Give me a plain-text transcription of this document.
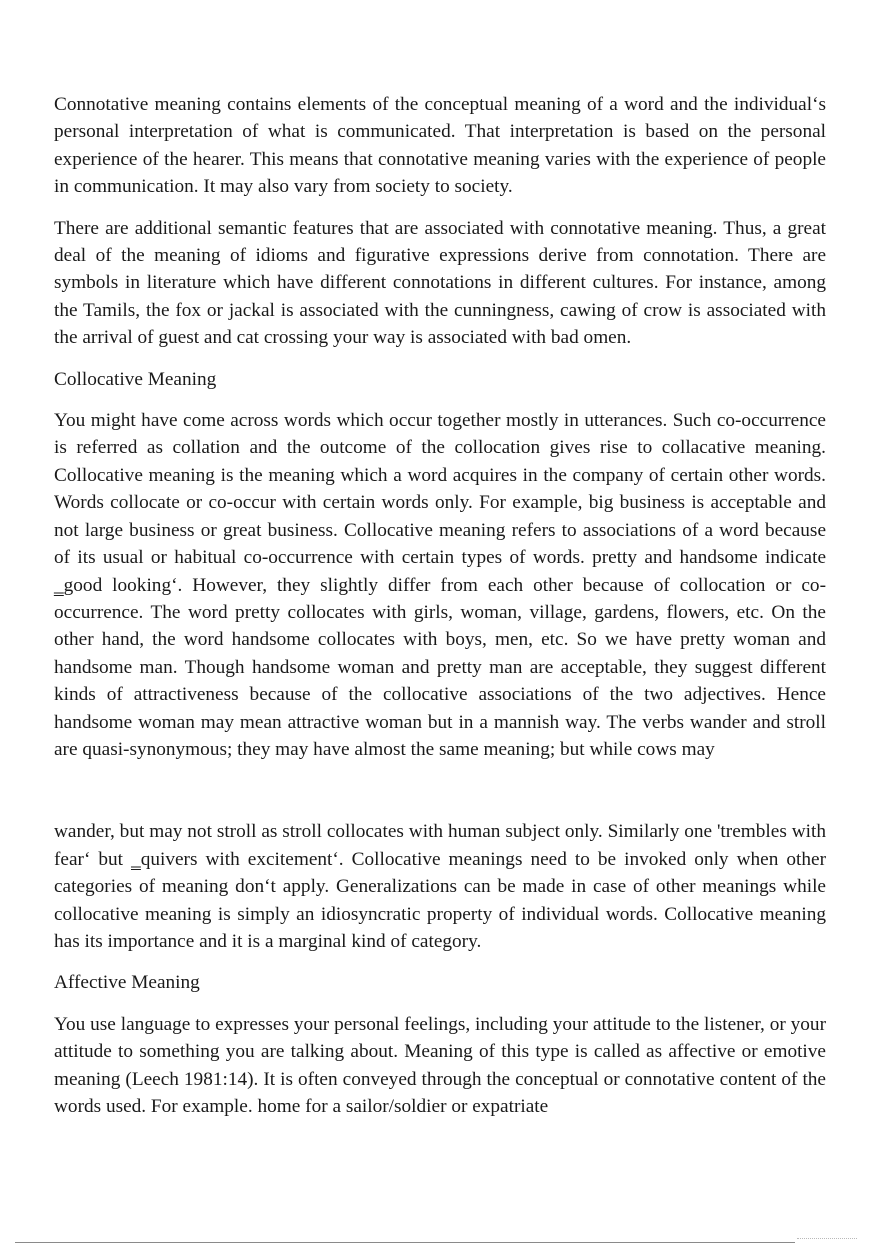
Connotative meaning contains elements of the conceptual meaning of a word and the individual‘s personal interpretation of what is communicated. That interpretation is based on the personal experience of the hearer. This means that connotative meaning varies with the experience of people in communication. It may also vary from society to society.

There are additional semantic features that are associated with connotative meaning. Thus, a great deal of the meaning of idioms and figurative expressions derive from connotation. There are symbols in literature which have different connotations in different cultures. For instance, among the Tamils, the fox or jackal is associated with the cunningness, cawing of crow is associated with the arrival of guest and cat crossing your way is associated with bad omen.

Collocative Meaning

You might have come across words which occur together mostly in utterances. Such co-occurrence is referred as collation and the outcome of the collocation gives rise to collacative meaning. Collocative meaning is the meaning which a word acquires in the company of certain other words. Words collocate or co-occur with certain words only. For example, big business is acceptable and not large business or great business. Collocative meaning refers to associations of a word because of its usual or habitual co-occurrence with certain types of words. pretty and handsome indicate ‗good looking‘. However, they slightly differ from each other because of collocation or co-occurrence. The word pretty collocates with girls, woman, village, gardens, flowers, etc. On the other hand, the word handsome collocates with boys, men, etc. So we have pretty woman and handsome man. Though handsome woman and pretty man are acceptable, they suggest different kinds of attractiveness because of the collocative associations of the two adjectives. Hence handsome woman may mean attractive woman but in a mannish way. The verbs wander and stroll are quasi-synonymous; they may have almost the same meaning; but while cows may

wander, but may not stroll as stroll collocates with human subject only. Similarly one 'trembles with fear‘ but ‗quivers with excitement‘. Collocative meanings need to be invoked only when other categories of meaning don‘t apply. Generalizations can be made in case of other meanings while collocative meaning is simply an idiosyncratic property of individual words. Collocative meaning has its importance and it is a marginal kind of category.

Affective Meaning

You use language to expresses your personal feelings, including your attitude to the listener, or your attitude to something you are talking about. Meaning of this type is called as affective or emotive meaning (Leech 1981:14). It is often conveyed through the conceptual or connotative content of the words used. For example. home for a sailor/soldier or expatriate
